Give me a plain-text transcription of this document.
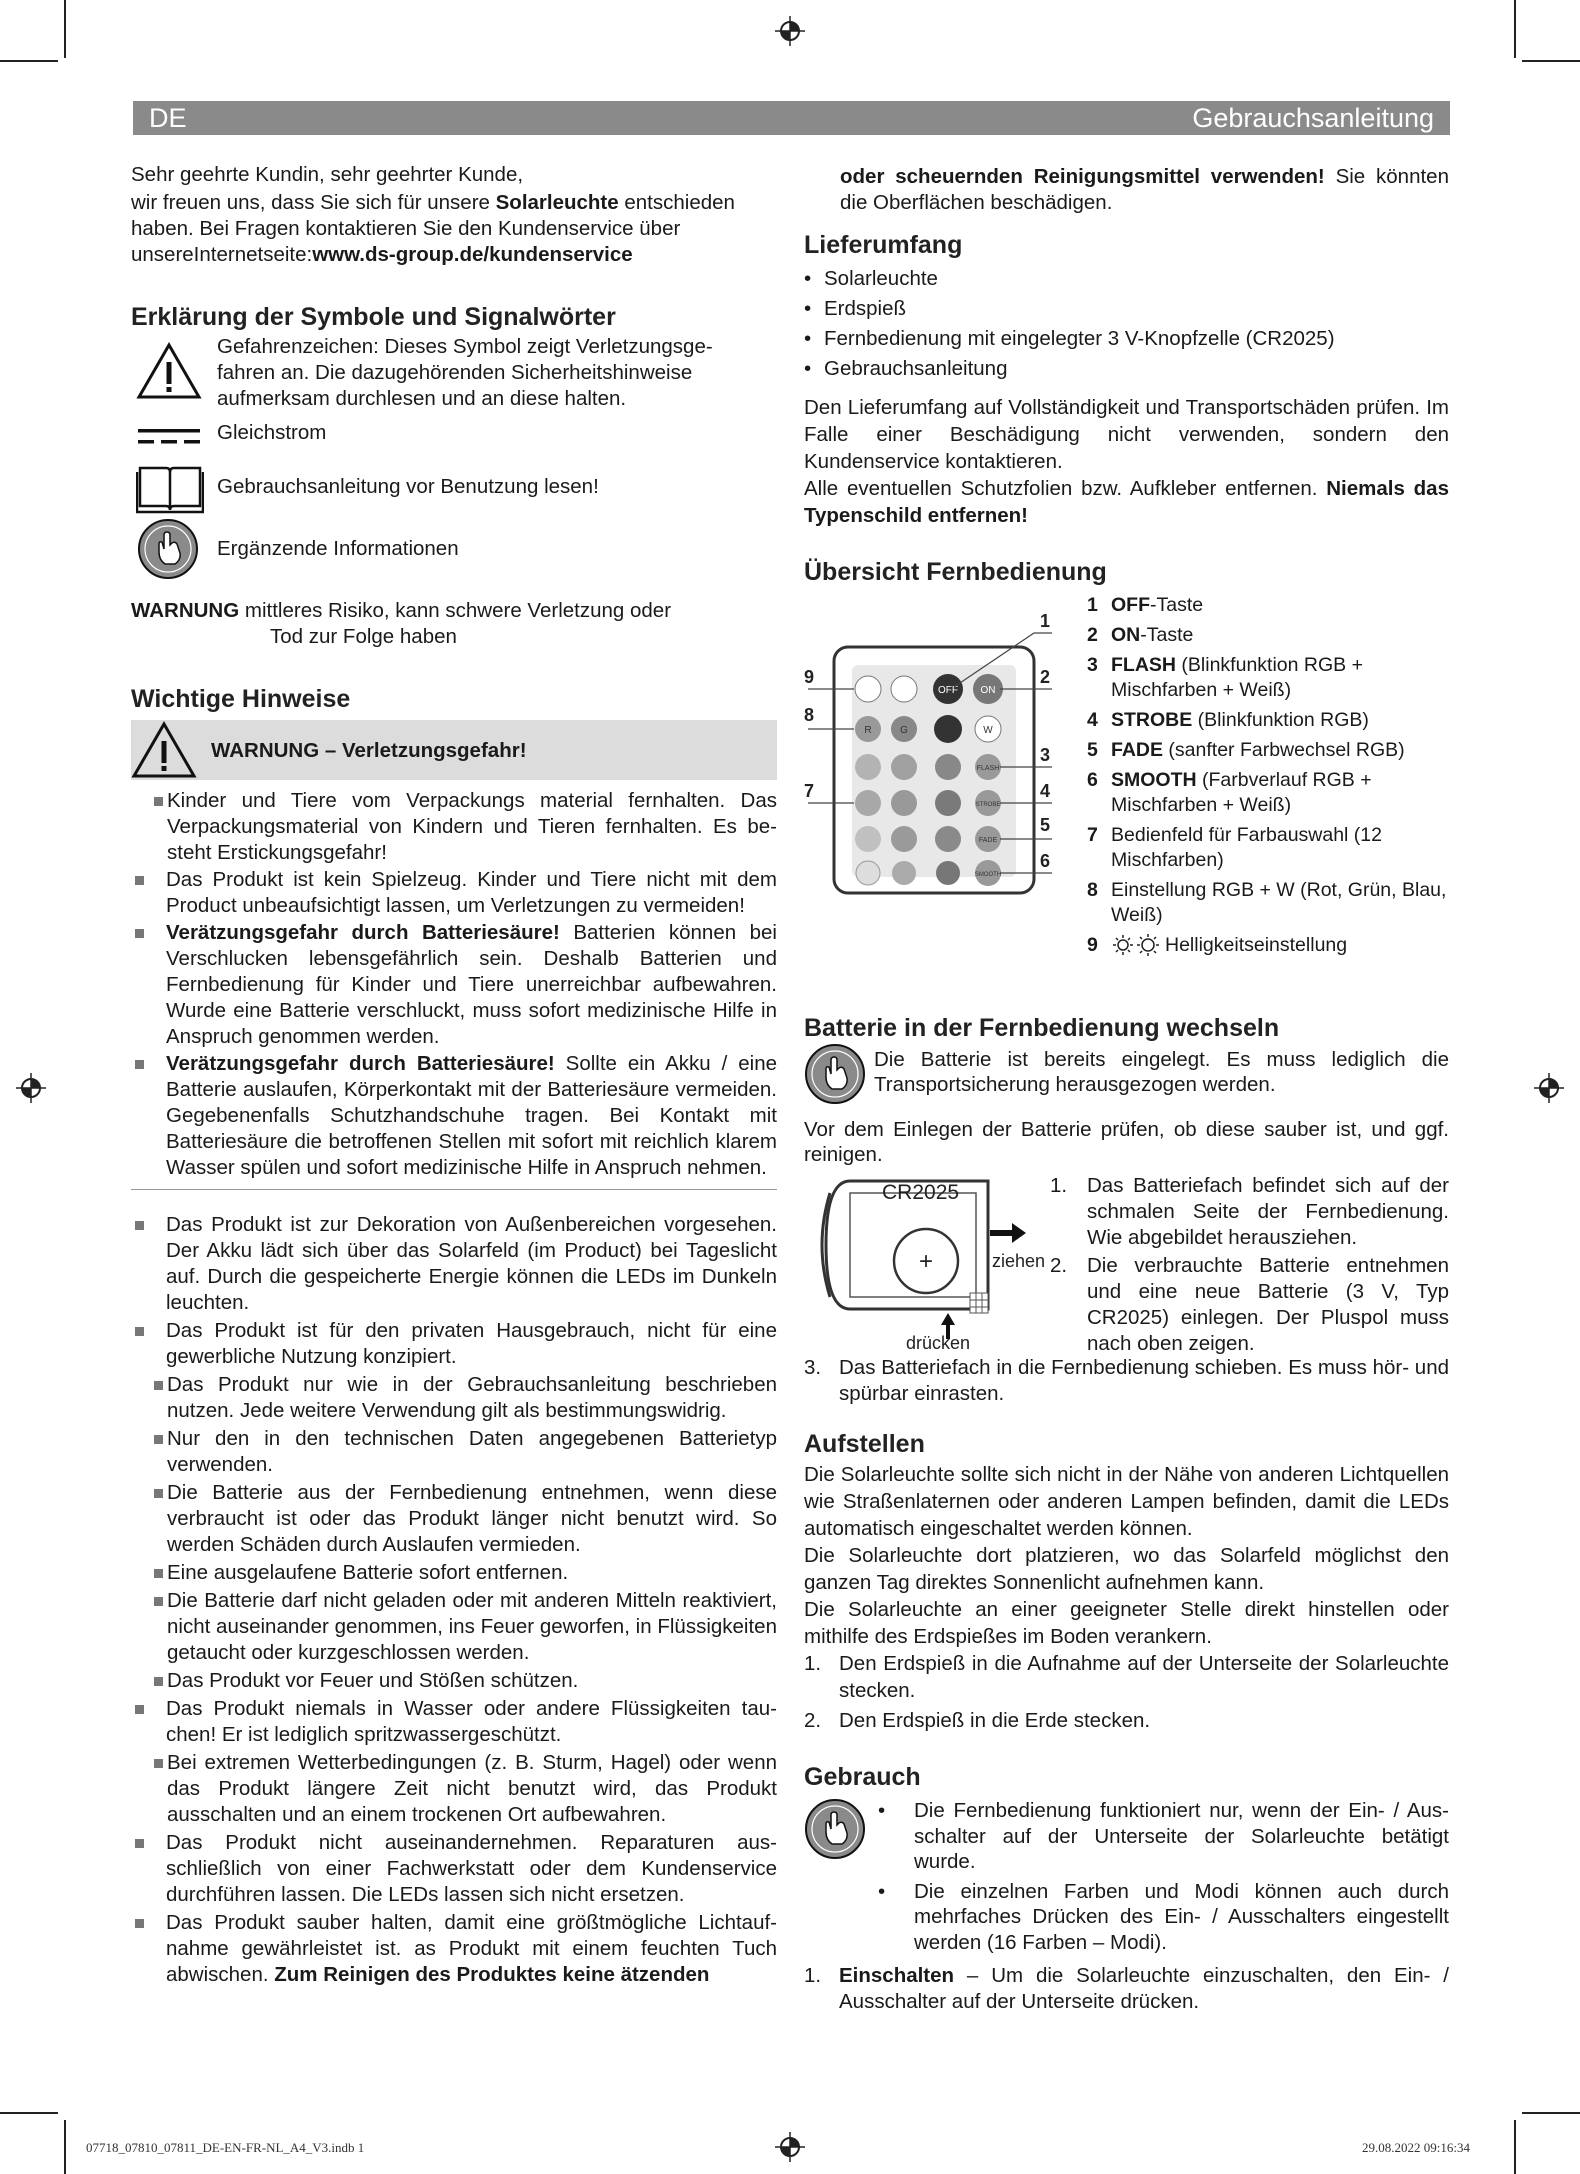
DE	Gebrauchsanleitung

Sehr geehrte Kundin, sehr geehrter Kunde,

wir freuen uns, dass Sie sich für unsere Solarleuchte entschieden
haben. Bei Fragen kontaktieren Sie den Kundenservice über
unsereInternetseite:www.ds-group.de/kundenservice

Erklärung der Symbole und Signalwörter

Gefahrenzeichen: Dieses Symbol zeigt Verletzungsgefahren an. Die dazugehörenden Sicherheitshinweise aufmerksam durchlesen und an diese halten.

Gleichstrom

Gebrauchsanleitung vor Benutzung lesen!

Ergänzende Informationen

WARNUNG mittleres Risiko, kann schwere Verletzung oder
Tod zur Folge haben

Wichtige Hinweise
WARNUNG – Verletzungsgefahr!

Kinder und Tiere vom Verpackungs material fernhalten. Das Verpackungsmaterial von Kindern und Tieren fernhalten. Es besteht Erstickungsgefahr!

Das Produkt ist kein Spielzeug. Kinder und Tiere nicht mit dem Product unbeaufsichtigt lassen, um Verletzungen zu vermeiden!

Verätzungsgefahr durch Batteriesäure! Batterien können bei Verschlucken lebensgefährlich sein. Deshalb Batterien und Fernbedienung für Kinder und Tiere unerreichbar aufbewahren. Wurde eine Batterie verschluckt, muss sofort medizinische Hilfe in Anspruch genommen werden.

Verätzungsgefahr durch Batteriesäure! Sollte ein Akku / eine Batterie auslaufen, Körperkontakt mit der Batteriesäure vermeiden. Gegebenenfalls Schutzhandschuhe tragen. Bei Kontakt mit Batteriesäure die betroffenen Stellen mit sofort mit reichlich klarem Wasser spülen und sofort medizinische Hilfe in Anspruch nehmen.

Das Produkt ist zur Dekoration von Außenbereichen vorgesehen. Der Akku lädt sich über das Solarfeld (im Product) bei Tageslicht auf. Durch die gespeicherte Energie können die LEDs im Dunkeln leuchten.

Das Produkt ist für den privaten Hausgebrauch, nicht für eine gewerbliche Nutzung konzipiert.

Das Produkt nur wie in der Gebrauchsanleitung beschrieben nutzen. Jede weitere Verwendung gilt als bestimmungswidrig.

Nur den in den technischen Daten angegebenen Batterietyp verwenden.

Die Batterie aus der Fernbedienung entnehmen, wenn diese verbraucht ist oder das Produkt länger nicht benutzt wird. So werden Schäden durch Auslaufen vermieden.

Eine ausgelaufene Batterie sofort entfernen.

Die Batterie darf nicht geladen oder mit anderen Mitteln reaktiviert, nicht auseinander genommen, ins Feuer geworfen, in Flüssigkeiten getaucht oder kurzgeschlossen werden.

Das Produkt vor Feuer und Stößen schützen.

Das Produkt niemals in Wasser oder andere Flüssigkeiten tauchen! Er ist lediglich spritzwassergeschützt.

Bei extremen Wetterbedingungen (z. B. Sturm, Hagel) oder wenn das Produkt längere Zeit nicht benutzt wird, das Produkt ausschalten und an einem trockenen Ort aufbewahren.

Das Produkt nicht auseinandernehmen. Reparaturen ausschließlich von einer Fachwerkstatt oder dem Kundenservice durchführen lassen. Die LEDs lassen sich nicht ersetzen.

Das Produkt sauber halten, damit eine größtmögliche Lichtaufnahme gewährleistet ist. as Produkt mit einem feuchten Tuch abwischen. Zum Reinigen des Produktes keine ätzenden

oder scheuernden Reinigungsmittel verwenden! Sie könnten die Oberflächen beschädigen.

Lieferumfang

• Solarleuchte

• Erdspieß

• Fernbedienung mit eingelegter 3 V-Knopfzelle (CR2025)

• Gebrauchsanleitung

Den Lieferumfang auf Vollständigkeit und Transportschäden prüfen. Im Falle einer Beschädigung nicht verwenden, sondern den Kundenservice kontaktieren.

Alle eventuellen Schutzfolien bzw. Aufkleber entfernen. Niemals das Typenschild entfernen!

Übersicht Fernbedienung
OFF ON
R	G	W
FLASH
STROBE
FADE
SMOOTH
1
2
3
4
5
6
9
8
7
1 OFF-Taste
2 ON-Taste
3 FLASH (Blinkfunktion RGB + Mischfarben + Weiß)
4 STROBE (Blinkfunktion RGB)
5 FADE (sanfter Farbwechsel RGB)
6 SMOOTH (Farbverlauf RGB + Mischfarben + Weiß)
7 Bedienfeld für Farbauswahl (12 Mischfarben)
8 Einstellung RGB + W (Rot, Grün, Blau, Weiß)
9	Helligkeitseinstellung
Batterie in der Fernbedienung wechseln

Die Batterie ist bereits eingelegt. Es muss lediglich die Transportsicherung herausgezogen werden.

Vor dem Einlegen der Batterie prüfen, ob diese sauber ist, und ggf. reinigen.

CR2025
+	ziehen
drücken

1. Das Batteriefach befindet sich auf der schmalen Seite der Fernbedienung. Wie abgebildet herausziehen.

2. Die verbrauchte Batterie entnehmen und eine neue Batterie (3 V, Typ CR2025) einlegen. Der Pluspol muss nach oben zeigen.

3. Das Batteriefach in die Fernbedienung schieben. Es muss hör- und spürbar einrasten.

Aufstellen

Die Solarleuchte sollte sich nicht in der Nähe von anderen Lichtquellen wie Straßenlaternen oder anderen Lampen befinden, damit die LEDs automatisch eingeschaltet werden können.

Die Solarleuchte dort platzieren, wo das Solarfeld möglichst den ganzen Tag direktes Sonnenlicht aufnehmen kann.

Die Solarleuchte an einer geeigneter Stelle direkt hinstellen oder mithilfe des Erdspießes im Boden verankern.

1. Den Erdspieß in die Aufnahme auf der Unterseite der Solarleuchte stecken.

2. Den Erdspieß in die Erde stecken.

Gebrauch

• Die Fernbedienung funktioniert nur, wenn der Ein- / Ausschalter auf der Unterseite der Solarleuchte betätigt wurde.

• Die einzelnen Farben und Modi können auch durch mehrfaches Drücken des Ein- / Ausschalters eingestellt werden (16 Farben – Modi).

1. Einschalten – Um die Solarleuchte einzuschalten, den Ein- / Ausschalter auf der Unterseite drücken.

07718_07810_07811_DE-EN-FR-NL_A4_V3.indb 1	29.08.2022 09:16:34
